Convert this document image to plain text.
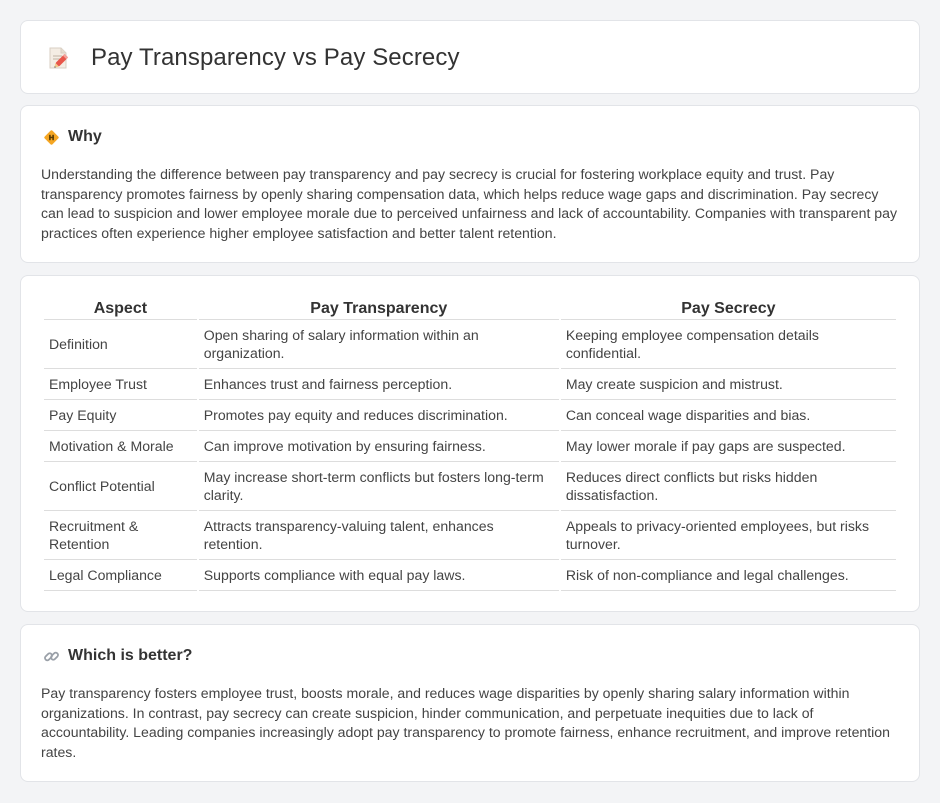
Pay Transparency vs Pay Secrecy
Why

Understanding the difference between pay transparency and pay secrecy is crucial for fostering workplace equity and trust. Pay transparency promotes fairness by openly sharing compensation data, which helps reduce wage gaps and discrimination. Pay secrecy can lead to suspicion and lower employee morale due to perceived unfairness and lack of accountability. Companies with transparent pay practices often experience higher employee satisfaction and better talent retention.

Aspect	Pay Transparency	Pay Secrecy
Definition	Open sharing of salary information within an organization.	Keeping employee compensation details confidential.
Employee Trust	Enhances trust and fairness perception.	May create suspicion and mistrust.
Pay Equity	Promotes pay equity and reduces discrimination.	Can conceal wage disparities and bias.
Motivation & Morale	Can improve motivation by ensuring fairness.	May lower morale if pay gaps are suspected.
Conflict Potential	May increase short-term conflicts but fosters long-term clarity.	Reduces direct conflicts but risks hidden dissatisfaction.
Recruitment & Retention	Attracts transparency-valuing talent, enhances retention.	Appeals to privacy-oriented employees, but risks turnover.
Legal Compliance	Supports compliance with equal pay laws.	Risk of non-compliance and legal challenges.
Which is better?

Pay transparency fosters employee trust, boosts morale, and reduces wage disparities by openly sharing salary information within organizations. In contrast, pay secrecy can create suspicion, hinder communication, and perpetuate inequities due to lack of accountability. Leading companies increasingly adopt pay transparency to promote fairness, enhance recruitment, and improve retention rates.
